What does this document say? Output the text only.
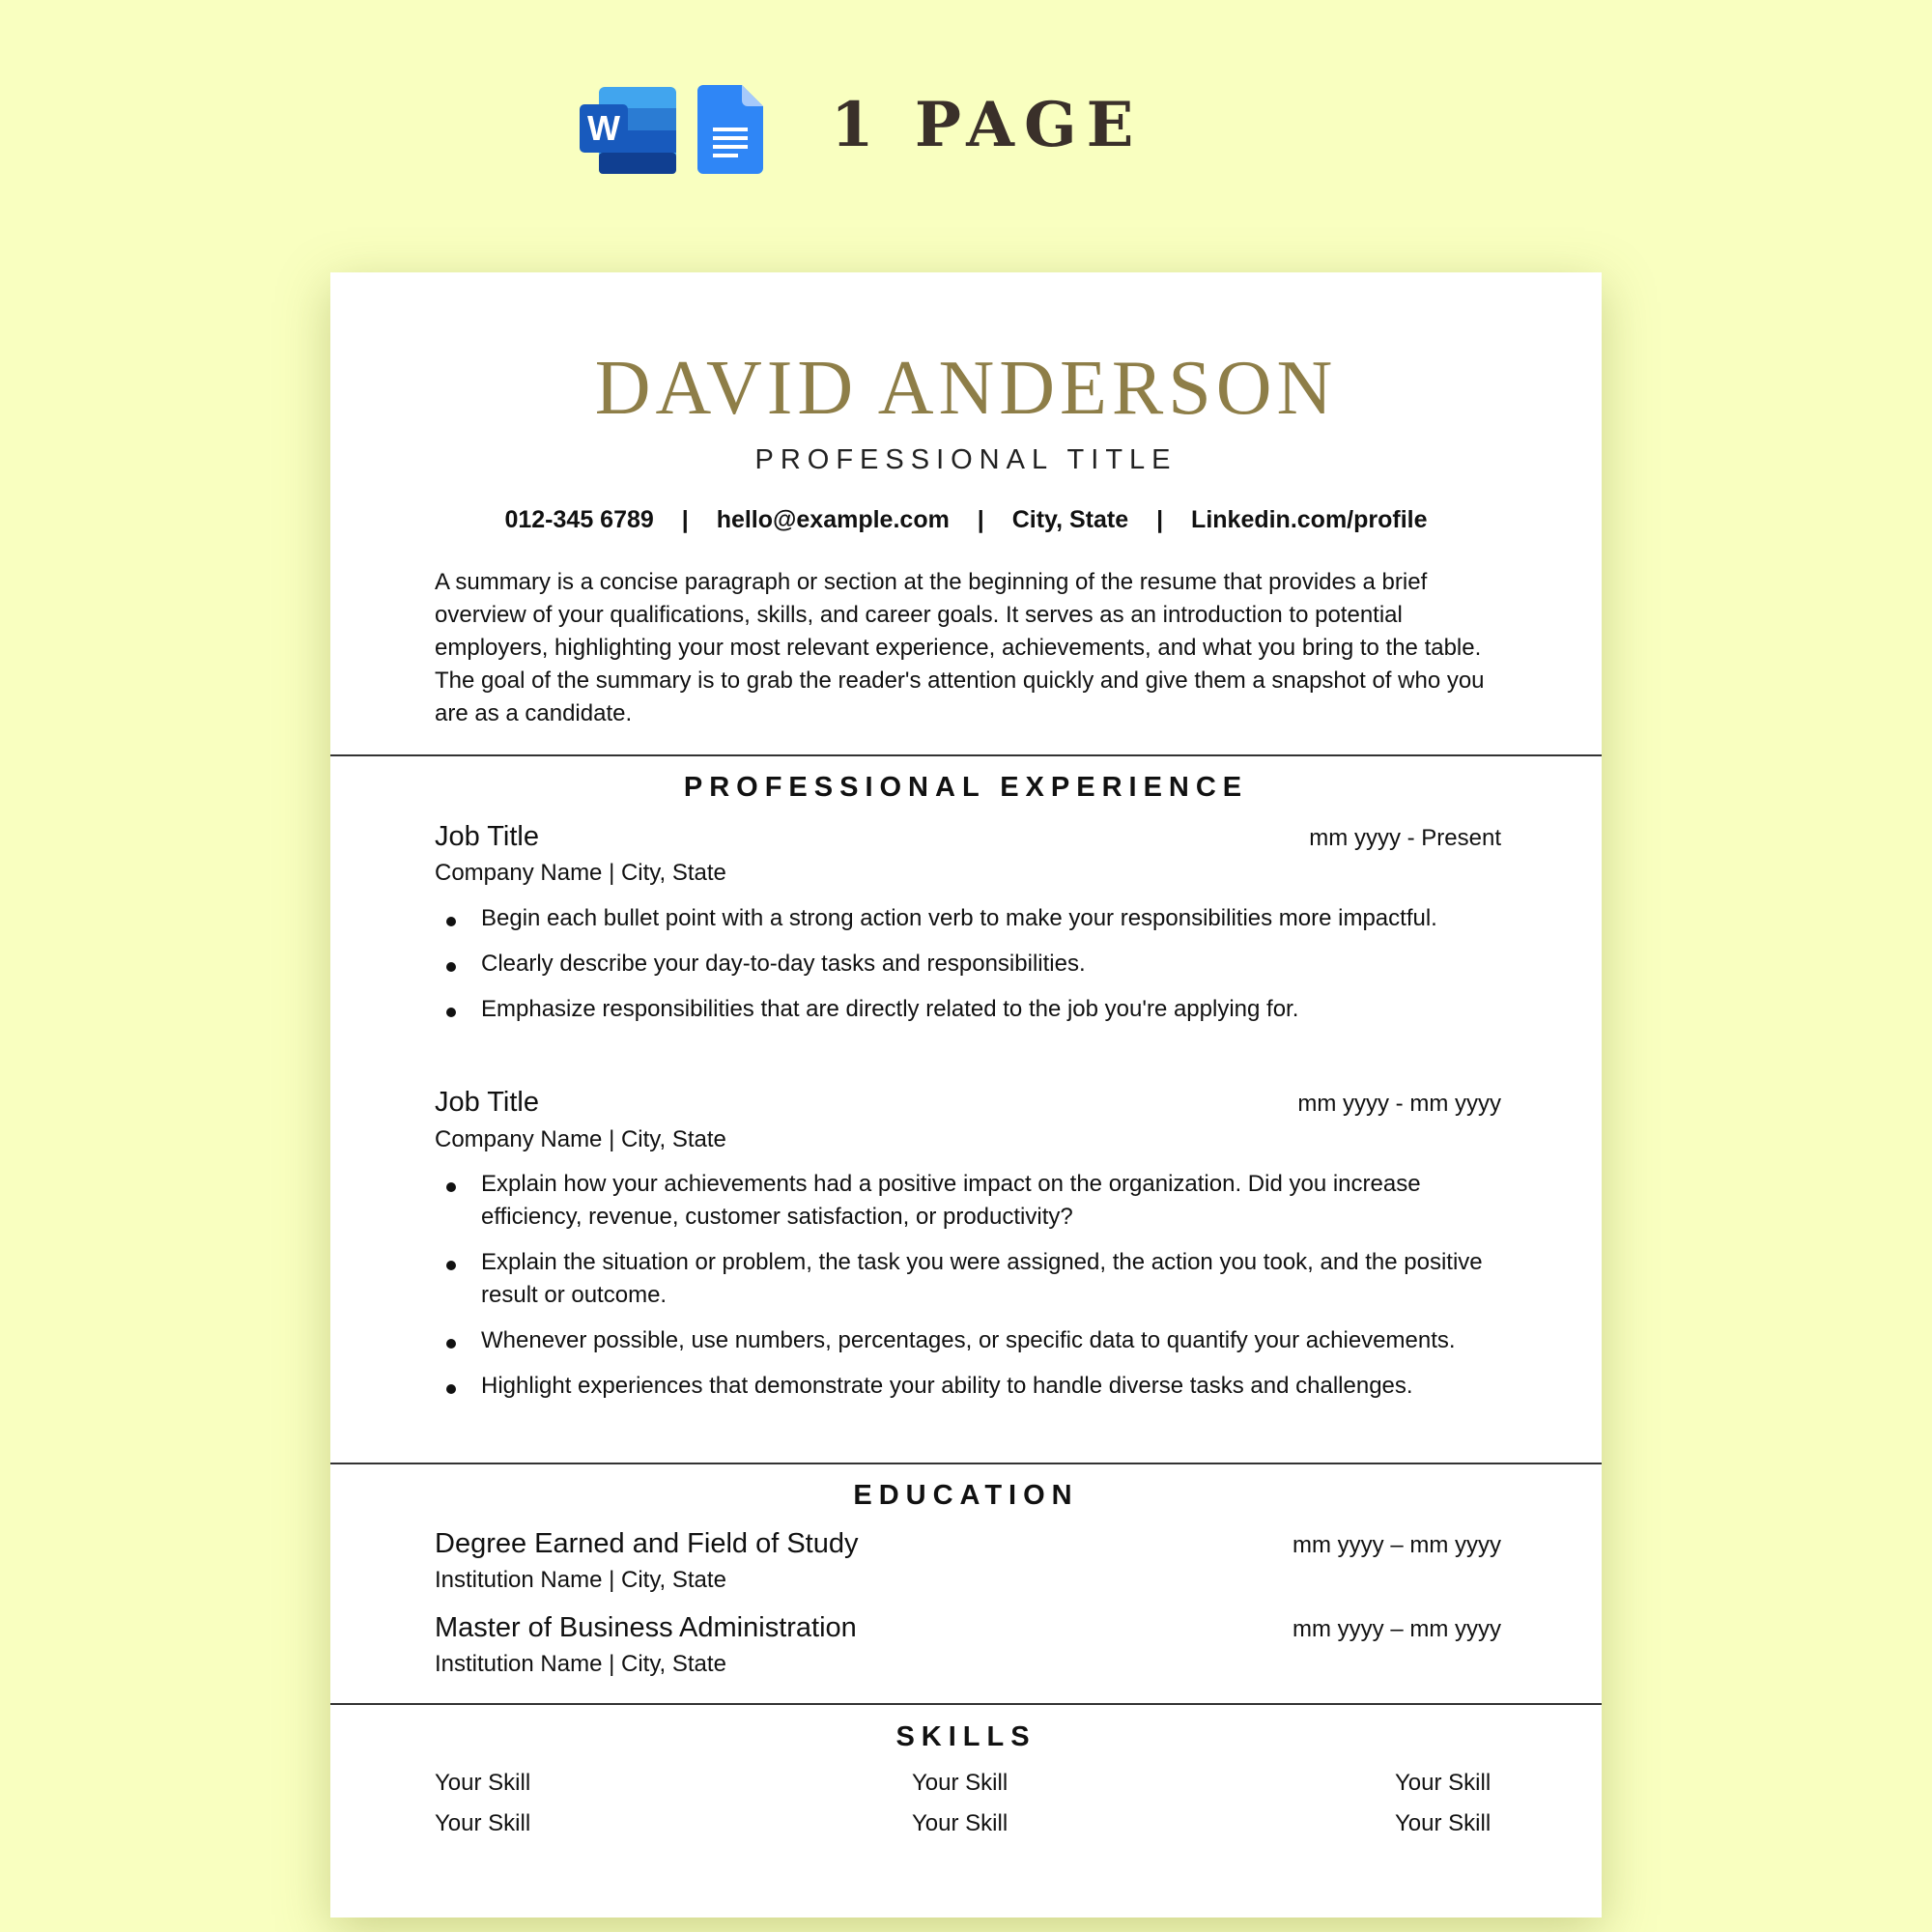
W	1 PAGE
DAVID ANDERSON
PROFESSIONAL TITLE
012-345 6789 | hello@example.com | City, State | Linkedin.com/profile
A summary is a concise paragraph or section at the beginning of the resume that provides a brief overview of your qualifications, skills, and career goals. It serves as an introduction to potential employers, highlighting your most relevant experience, achievements, and what you bring to the table. The goal of the summary is to grab the reader's attention quickly and give them a snapshot of who you are as a candidate.
PROFESSIONAL EXPERIENCE
Job Title	mm yyyy - Present
Company Name | City, State
Begin each bullet point with a strong action verb to make your responsibilities more impactful.
Clearly describe your day-to-day tasks and responsibilities.
Emphasize responsibilities that are directly related to the job you're applying for.
Job Title	mm yyyy - mm yyyy
Company Name | City, State
Explain how your achievements had a positive impact on the organization. Did you increase efficiency, revenue, customer satisfaction, or productivity?
Explain the situation or problem, the task you were assigned, the action you took, and the positive result or outcome.
Whenever possible, use numbers, percentages, or specific data to quantify your achievements.
Highlight experiences that demonstrate your ability to handle diverse tasks and challenges.
EDUCATION
Degree Earned and Field of Study	mm yyyy – mm yyyy
Institution Name | City, State
Master of Business Administration	mm yyyy – mm yyyy
Institution Name | City, State
SKILLS
Your Skill	Your Skill	Your Skill
Your Skill	Your Skill	Your Skill
